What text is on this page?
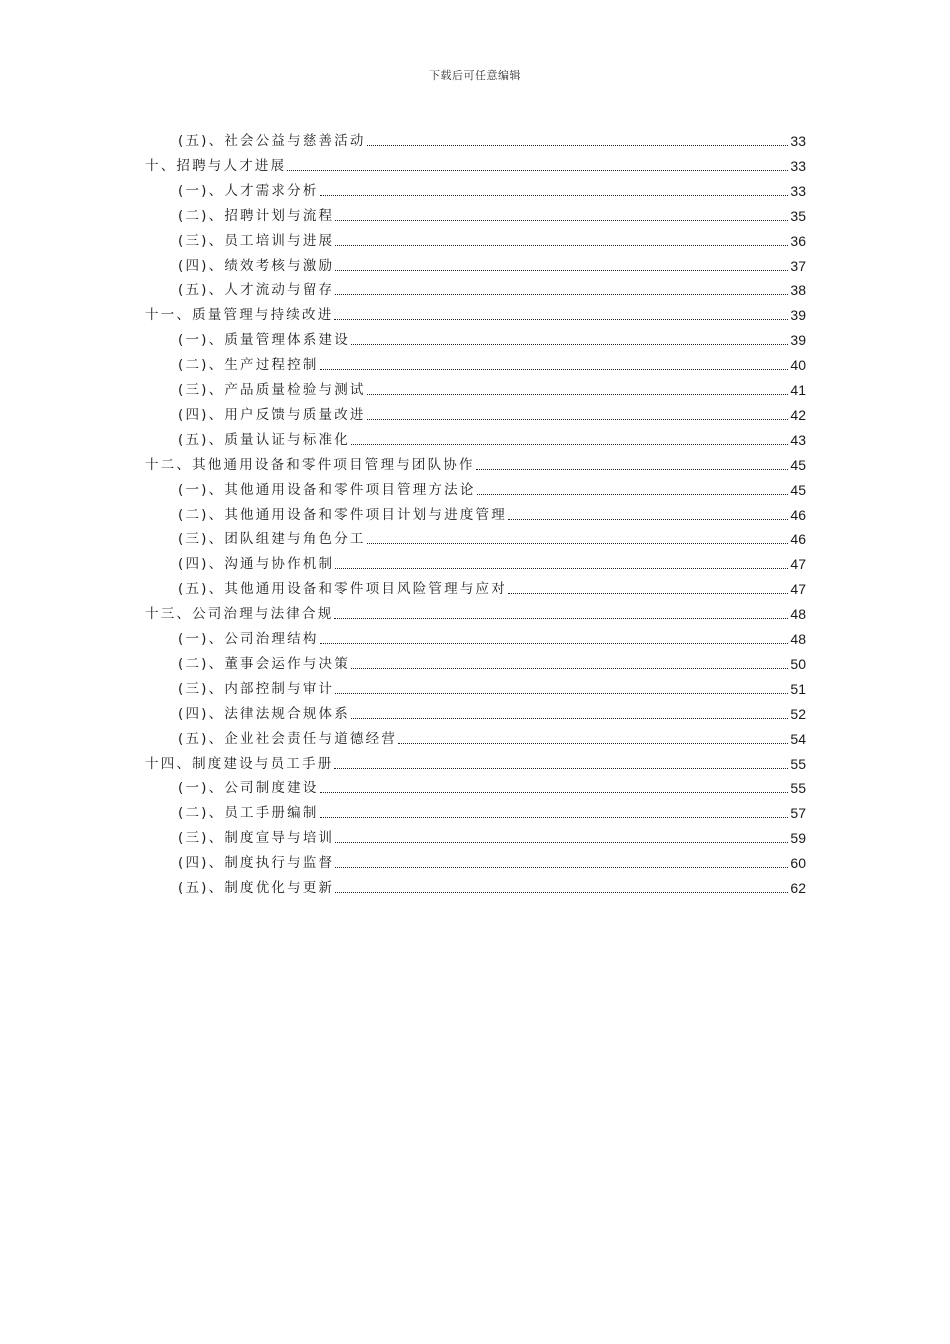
下载后可任意编辑
(五)、社会公益与慈善活动	33
十、招聘与人才进展	33
(一)、人才需求分析	33
(二)、招聘计划与流程	35
(三)、员工培训与进展	36
(四)、绩效考核与激励	37
(五)、人才流动与留存	38
十一、质量管理与持续改进	39
(一)、质量管理体系建设	39
(二)、生产过程控制	40
(三)、产品质量检验与测试	41
(四)、用户反馈与质量改进	42
(五)、质量认证与标准化	43
十二、其他通用设备和零件项目管理与团队协作	45
(一)、其他通用设备和零件项目管理方法论	45
(二)、其他通用设备和零件项目计划与进度管理	46
(三)、团队组建与角色分工	46
(四)、沟通与协作机制	47
(五)、其他通用设备和零件项目风险管理与应对	47
十三、公司治理与法律合规	48
(一)、公司治理结构	48
(二)、董事会运作与决策	50
(三)、内部控制与审计	51
(四)、法律法规合规体系	52
(五)、企业社会责任与道德经营	54
十四、制度建设与员工手册	55
(一)、公司制度建设	55
(二)、员工手册编制	57
(三)、制度宣导与培训	59
(四)、制度执行与监督	60
(五)、制度优化与更新	62
